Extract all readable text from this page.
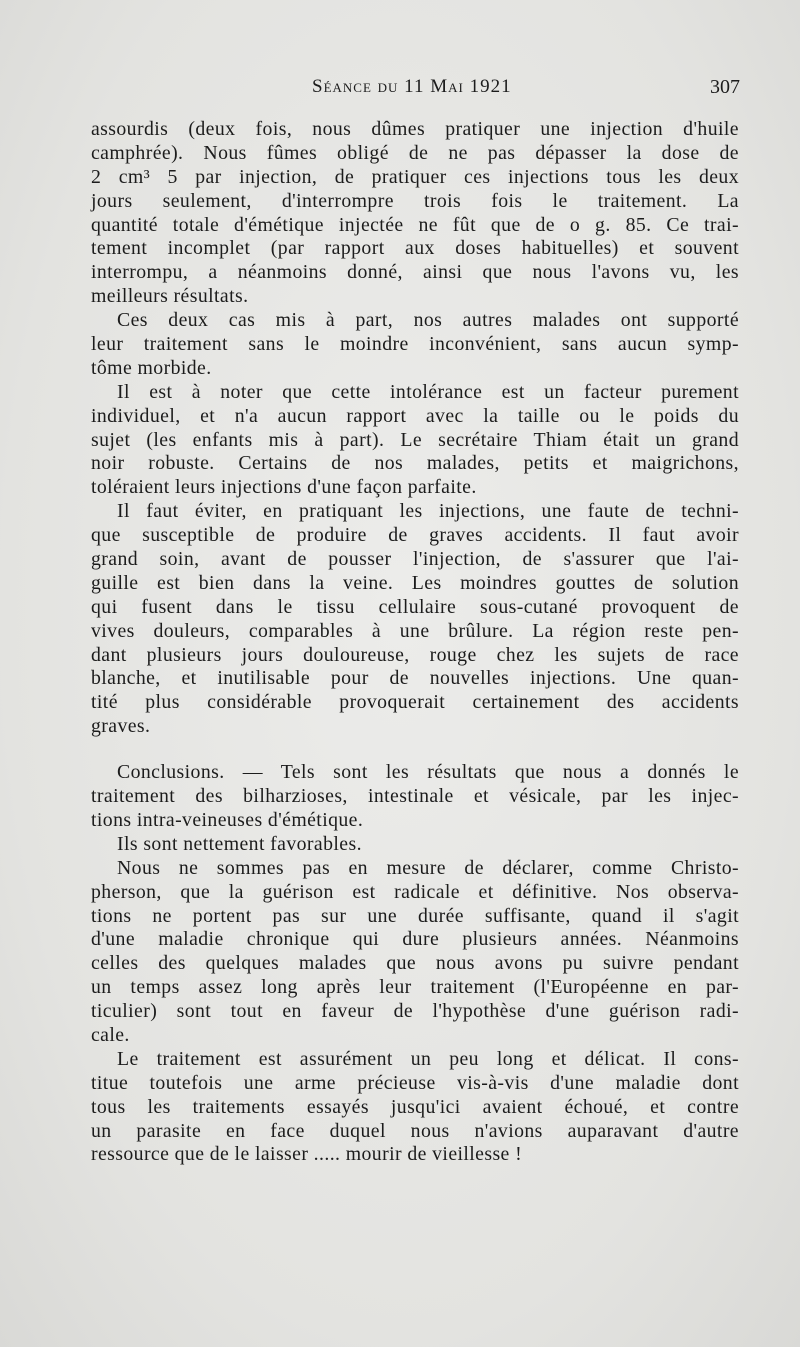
Séance du 11 Mai 1921	307
assourdis (deux fois, nous dûmes pratiquer une injection d'huile
camphrée). Nous fûmes obligé de ne pas dépasser la dose de
2 cm³ 5 par injection, de pratiquer ces injections tous les deux
jours seulement, d'interrompre trois fois le traitement. La
quantité totale d'émétique injectée ne fût que de o g. 85. Ce trai-
tement incomplet (par rapport aux doses habituelles) et souvent
interrompu, a néanmoins donné, ainsi que nous l'avons vu, les
meilleurs résultats.
Ces deux cas mis à part, nos autres malades ont supporté
leur traitement sans le moindre inconvénient, sans aucun symp-
tôme morbide.
Il est à noter que cette intolérance est un facteur purement
individuel, et n'a aucun rapport avec la taille ou le poids du
sujet (les enfants mis à part). Le secrétaire Thiam était un grand
noir robuste. Certains de nos malades, petits et maigrichons,
toléraient leurs injections d'une façon parfaite.
Il faut éviter, en pratiquant les injections, une faute de techni-
que susceptible de produire de graves accidents. Il faut avoir
grand soin, avant de pousser l'injection, de s'assurer que l'ai-
guille est bien dans la veine. Les moindres gouttes de solution
qui fusent dans le tissu cellulaire sous-cutané provoquent de
vives douleurs, comparables à une brûlure. La région reste pen-
dant plusieurs jours douloureuse, rouge chez les sujets de race
blanche, et inutilisable pour de nouvelles injections. Une quan-
tité plus considérable provoquerait certainement des accidents
graves.
Conclusions. — Tels sont les résultats que nous a donnés le
traitement des bilharzioses, intestinale et vésicale, par les injec-
tions intra-veineuses d'émétique.
Ils sont nettement favorables.
Nous ne sommes pas en mesure de déclarer, comme Christo-
pherson, que la guérison est radicale et définitive. Nos observa-
tions ne portent pas sur une durée suffisante, quand il s'agit
d'une maladie chronique qui dure plusieurs années. Néanmoins
celles des quelques malades que nous avons pu suivre pendant
un temps assez long après leur traitement (l'Européenne en par-
ticulier) sont tout en faveur de l'hypothèse d'une guérison radi-
cale.
Le traitement est assurément un peu long et délicat. Il cons-
titue toutefois une arme précieuse vis-à-vis d'une maladie dont
tous les traitements essayés jusqu'ici avaient échoué, et contre
un parasite en face duquel nous n'avions auparavant d'autre
ressource que de le laisser ..... mourir de vieillesse !
